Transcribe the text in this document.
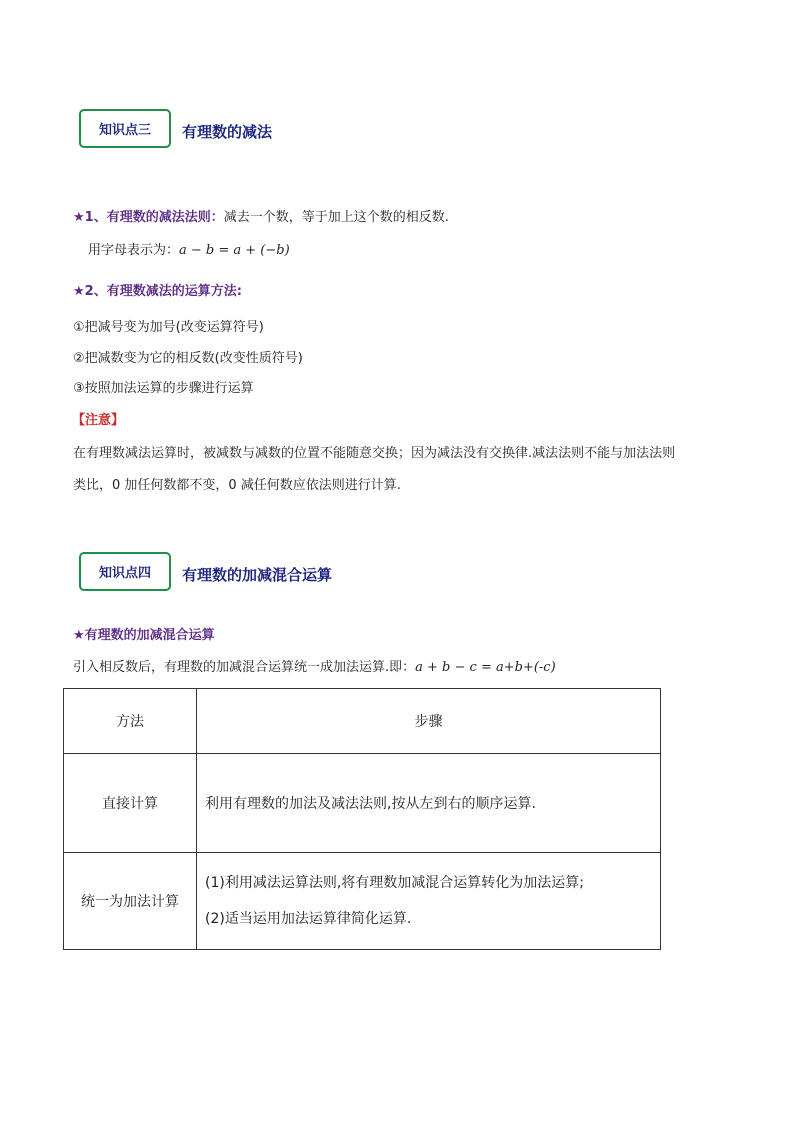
知识点三	有理数的减法
★1、有理数的减法法则：减去一个数，等于加上这个数的相反数.
用字母表示为：a − b = a + (−b)
★2、有理数减法的运算方法:
①把减号变为加号(改变运算符号)
②把减数变为它的相反数(改变性质符号)
③按照加法运算的步骤进行运算
【注意】
在有理数减法运算时，被减数与减数的位置不能随意交换；因为减法没有交换律.减法法则不能与加法法则
类比，0 加任何数都不变，0 减任何数应依法则进行计算.
知识点四	有理数的加减混合运算
★有理数的加减混合运算
引入相反数后，有理数的加减混合运算统一成加法运算.即：a + b − c = a+b+(-c)
方法	步骤
直接计算	利用有理数的加法及减法法则,按从左到右的顺序运算.
统一为加法计算	(1)利用减法运算法则,将有理数加减混合运算转化为加法运算;
(2)适当运用加法运算律简化运算.
